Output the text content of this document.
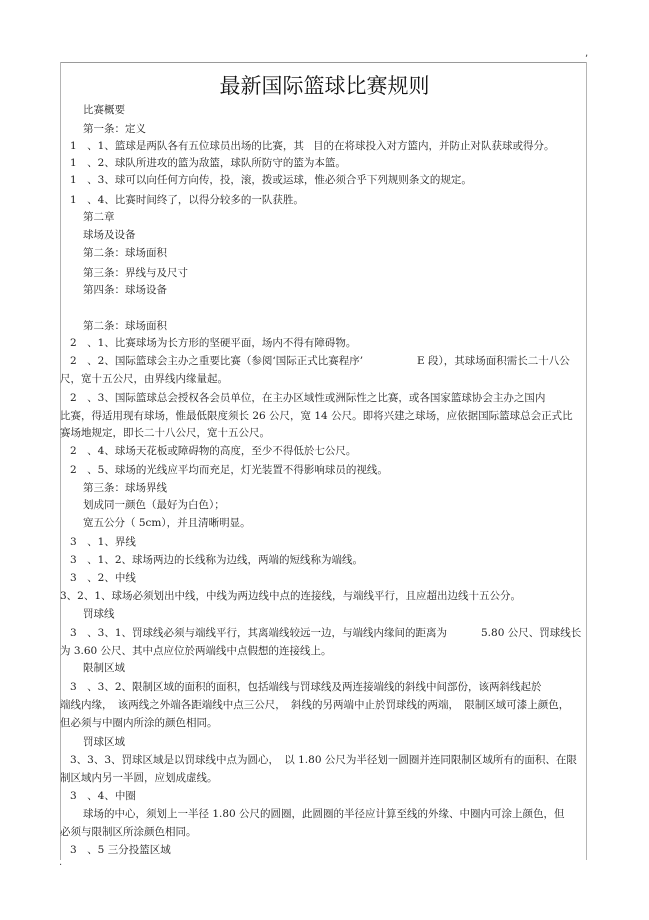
,
最新国际篮球比赛规则
比赛概要
第一条：定义
1　、1、篮球是两队各有五位球员出场的比赛，其 目的在将球投入对方篮内，并防止对队获球或得分。
1　、2、球队所进攻的篮为敌篮，球队所防守的篮为本篮。
1　、3、球可以向任何方向传，投，滚，拨或运球，惟必须合乎下列规则条文的规定。
1　、4、比赛时间终了，以得分较多的一队获胜。
第二章
球场及设备
第二条：球场面积
第三条：界线与及尺寸
第四条：球场设备
第二条：球场面积
2　、1、比赛球场为长方形的坚硬平面，场内不得有障碍物。
2　、2、国际篮球会主办之重要比赛（参阅‘国际正式比赛程序’	E 段），其球场面积需长二十八公
尺，宽十五公尺，由界线内缘量起。
2　、3、国际篮球总会授权各会员单位，在主办区域性或洲际性之比赛，或各国家篮球协会主办之国内
比赛，得适用现有球场，惟最低限度须长 26 公尺，宽 14 公尺。即将兴建之球场，应依据国际篮球总会正式比
赛场地规定，即长二十八公尺，宽十五公尺。
2　、4、球场天花板或障碍物的高度，至少不得低於七公尺。
2　、5、球场的光线应平均而充足，灯光装置不得影响球员的视线。
第三条：球场界线
划成同一颜色（最好为白色）；
宽五公分（ 5cm），并且清晰明显。
3　、1、界线
3　、1、2、球场两边的长线称为边线，两端的短线称为端线。
3　、2、中线
3、2、1、球场必须划出中线，中线为两边线中点的连接线，与端线平行，且应超出边线十五公分。
罚球线
3　、3、1、罚球线必须与端线平行，其离端线较远一边，与端线内缘间的距离为	5.80 公尺、罚球线长
为 3.60 公尺、其中点应位於两端线中点假想的连接线上。
限制区域
3　、3、2、限制区域的面积的面积，包括端线与罚球线及两连接端线的斜线中间部份，该两斜线起於
端线内缘，　该两线之外端各距端线中点三公尺，　斜线的另两端中止於罚球线的两端，　限制区域可漆上颜色，
但必须与中圈内所涂的颜色相同。
罚球区域
3、3、3、罚球区域是以罚球线中点为圆心，　以 1.80 公尺为半径划一圆圈并连同限制区域所有的面积、在限
制区域内另一半圆，应划成虚线。
3　、4、中圈
球场的中心，须划上一半径 1.80 公尺的圆圈，此圆圈的半径应计算至线的外缘、中圈内可涂上颜色，但
必须与限制区所涂颜色相同。
3　、5 三分投篮区域
.
